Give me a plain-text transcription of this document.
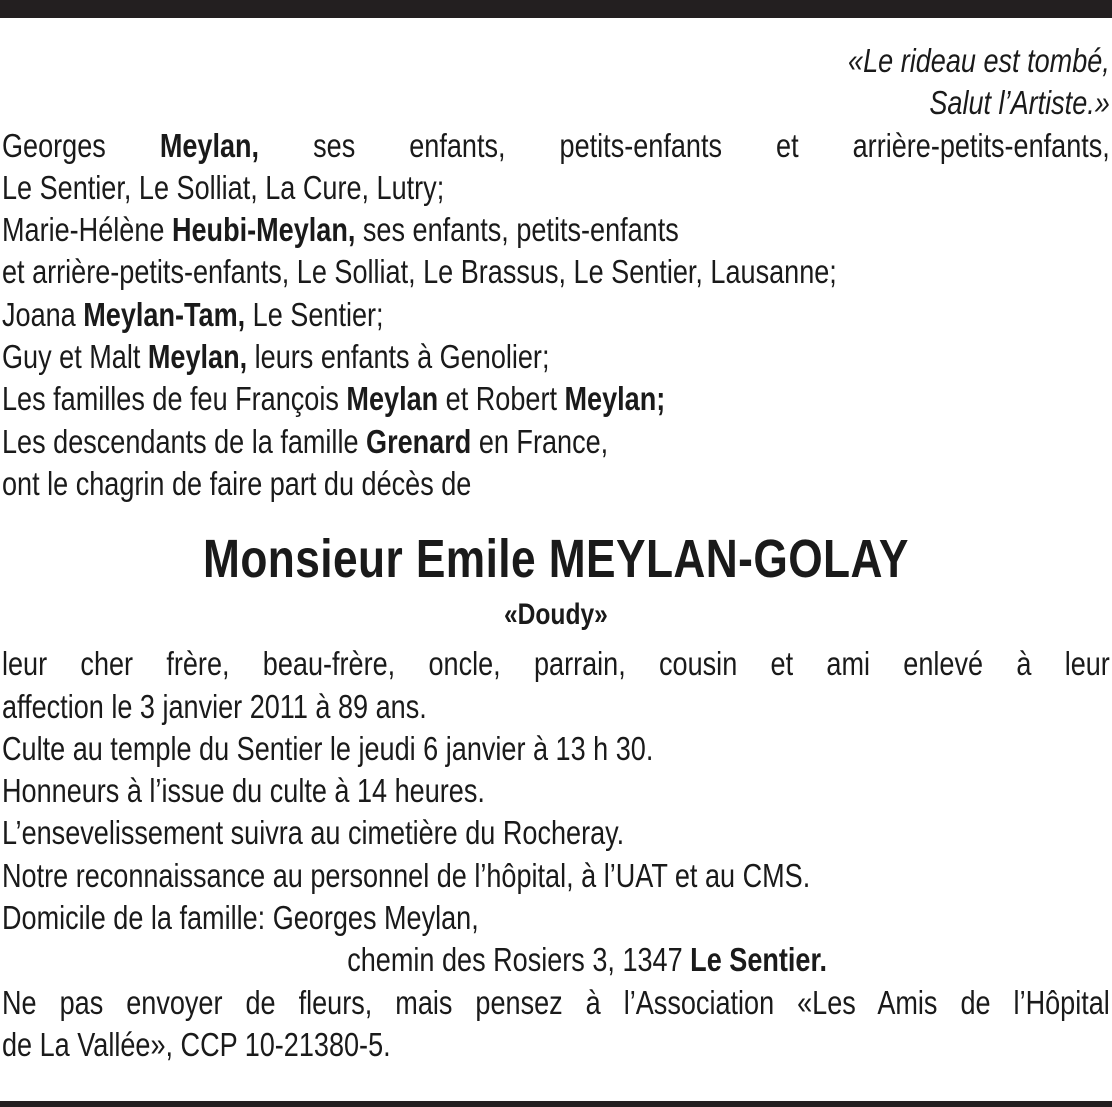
«Le rideau est tombé,
Salut l’Artiste.»
Georges Meylan, ses enfants, petits-enfants et arrière-petits-enfants,
Le Sentier, Le Solliat, La Cure, Lutry;
Marie-Hélène Heubi-Meylan, ses enfants, petits-enfants
et arrière-petits-enfants, Le Solliat, Le Brassus, Le Sentier, Lausanne;
Joana Meylan-Tam, Le Sentier;
Guy et Malt Meylan, leurs enfants à Genolier;
Les familles de feu François Meylan et Robert Meylan;
Les descendants de la famille Grenard en France,
ont le chagrin de faire part du décès de
Monsieur Emile MEYLAN-GOLAY
«Doudy»
leur cher frère, beau-frère, oncle, parrain, cousin et ami enlevé à leur
affection le 3 janvier 2011 à 89 ans.
Culte au temple du Sentier le jeudi 6 janvier à 13 h 30.
Honneurs à l’issue du culte à 14 heures.
L’ensevelissement suivra au cimetière du Rocheray.
Notre reconnaissance au personnel de l’hôpital, à l’UAT et au CMS.
Domicile de la famille: Georges Meylan,
chemin des Rosiers 3, 1347 Le Sentier.
Ne pas envoyer de fleurs, mais pensez à l’Association «Les Amis de l’Hôpital
de La Vallée», CCP 10-21380-5.
